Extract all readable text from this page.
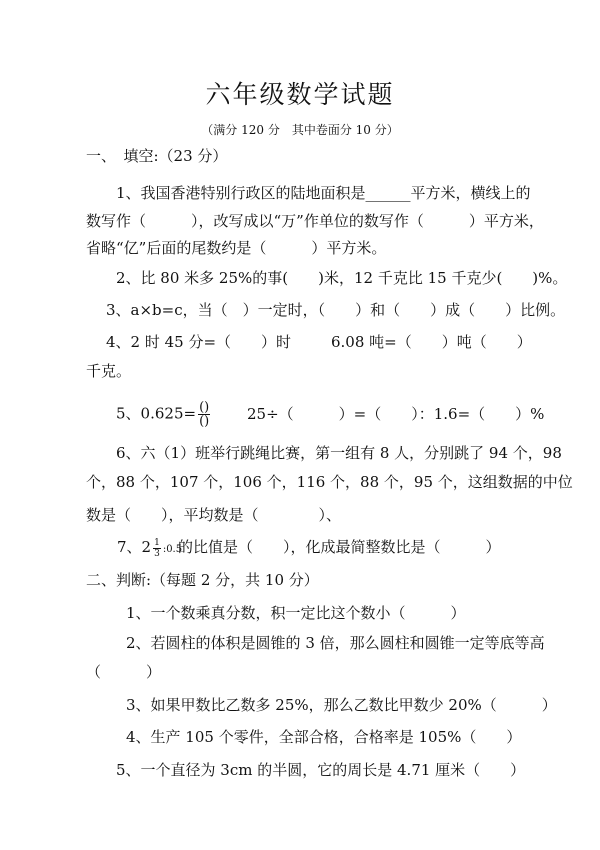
六年级数学试题
（满分 120 分　其中卷面分 10 分）
一、　填空:（23 分）
1、我国香港特别行政区的陆地面积是______平方米，横线上的
数写作（　　　），改写成以“万”作单位的数写作（　　　）平方米，
省略“亿”后面的尾数约是（　　　）平方米。
2、比 80 米多 25%的事(　　)米，12 千克比 15 千克少(　　)%。
3、a×b=c，当（　）一定时，（　　）和（　　）成（　　）比例。
4、2 时 45 分=（　　）时	6.08 吨=（　　）吨（　　）
千克。
5、$0.625= \frac{()}{()} 25\div$（　　　）=（　　）：1.6=（　　）%
6、六（1）班举行跳绳比赛，第一组有 8 人，分别跳了 94 个，98
个，88 个，107 个，106 个，116 个，88 个，95 个，这组数据的中位
数是（　　），平均数是（　　　　）、
7、$2 \frac{1}{3}$ :0.5
的比值是（　　），化成最简整数比是（　　　）
二、判断:（每题 2 分，共 10 分）
1、一个数乘真分数，积一定比这个数小（　　　）
2、若圆柱的体积是圆锥的 3 倍，那么圆柱和圆锥一定等底等高
（　　　）
3、如果甲数比乙数多 25%，那么乙数比甲数少 20%（　　　）
4、生产 105 个零件，全部合格，合格率是 105%（　　）
5、一个直径为 3cm 的半圆，它的周长是 4.71 厘米（　　）
